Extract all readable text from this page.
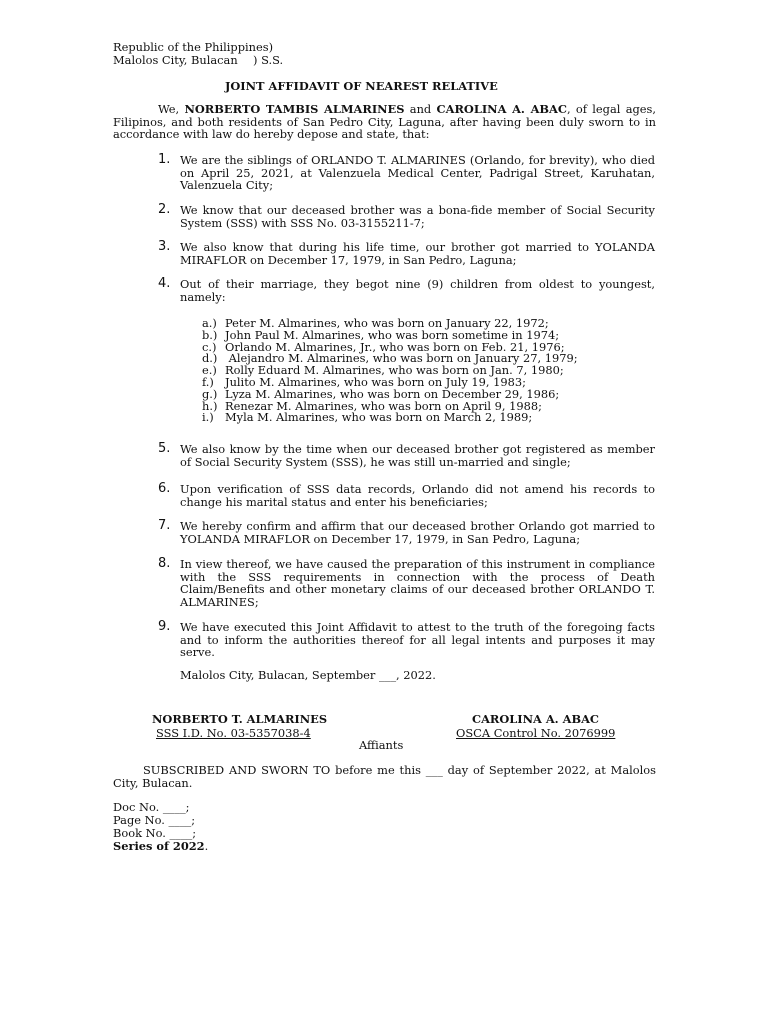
Republic of the Philippines)
Malolos City, Bulacan ) S.S.
JOINT AFFIDAVIT OF NEAREST RELATIVE
We, NORBERTO TAMBIS ALMARINES and CAROLINA A. ABAC, of legal ages, Filipinos, and both residents of San Pedro City, Laguna, after having been duly sworn to in accordance with law do hereby depose and state, that:
1. We are the siblings of ORLANDO T. ALMARINES (Orlando, for brevity), who died on April 25, 2021, at Valenzuela Medical Center, Padrigal Street, Karuhatan, Valenzuela City;
2. We know that our deceased brother was a bona-fide member of Social Security System (SSS) with SSS No. 03-3155211-7;
3. We also know that during his life time, our brother got married to YOLANDA MIRAFLOR on December 17, 1979, in San Pedro, Laguna;
4. Out of their marriage, they begot nine (9) children from oldest to youngest, namely:
a.) Peter M. Almarines, who was born on January 22, 1972;
b.) John Paul M. Almarines, who was born sometime in 1974;
c.) Orlando M. Almarines, Jr., who was born on Feb. 21, 1976;
d.) Alejandro M. Almarines, who was born on January 27, 1979;
e.) Rolly Eduard M. Almarines, who was born on Jan. 7, 1980;
f.) Julito M. Almarines, who was born on July 19, 1983;
g.) Lyza M. Almarines, who was born on December 29, 1986;
h.) Renezar M. Almarines, who was born on April 9, 1988;
i.) Myla M. Almarines, who was born on March 2, 1989;
5. We also know by the time when our deceased brother got registered as member of Social Security System (SSS), he was still un-married and single;
6. Upon verification of SSS data records, Orlando did not amend his records to change his marital status and enter his beneficiaries;
7. We hereby confirm and affirm that our deceased brother Orlando got married to YOLANDA MIRAFLOR on December 17, 1979, in San Pedro, Laguna;
8. In view thereof, we have caused the preparation of this instrument in compliance with the SSS requirements in connection with the process of Death Claim/Benefits and other monetary claims of our deceased brother ORLANDO T. ALMARINES;
9. We have executed this Joint Affidavit to attest to the truth of the foregoing facts and to inform the authorities thereof for all legal intents and purposes it may serve.
Malolos City, Bulacan, September ___, 2022.
NORBERTO T. ALMARINES
SSS I.D. No. 03-5357038-4
CAROLINA A. ABAC
OSCA Control No. 2076999
Affiants
SUBSCRIBED AND SWORN TO before me this ___ day of September 2022, at Malolos City, Bulacan.
Doc No. ____;
Page No. ____;
Book No. ____;
Series of 2022.
